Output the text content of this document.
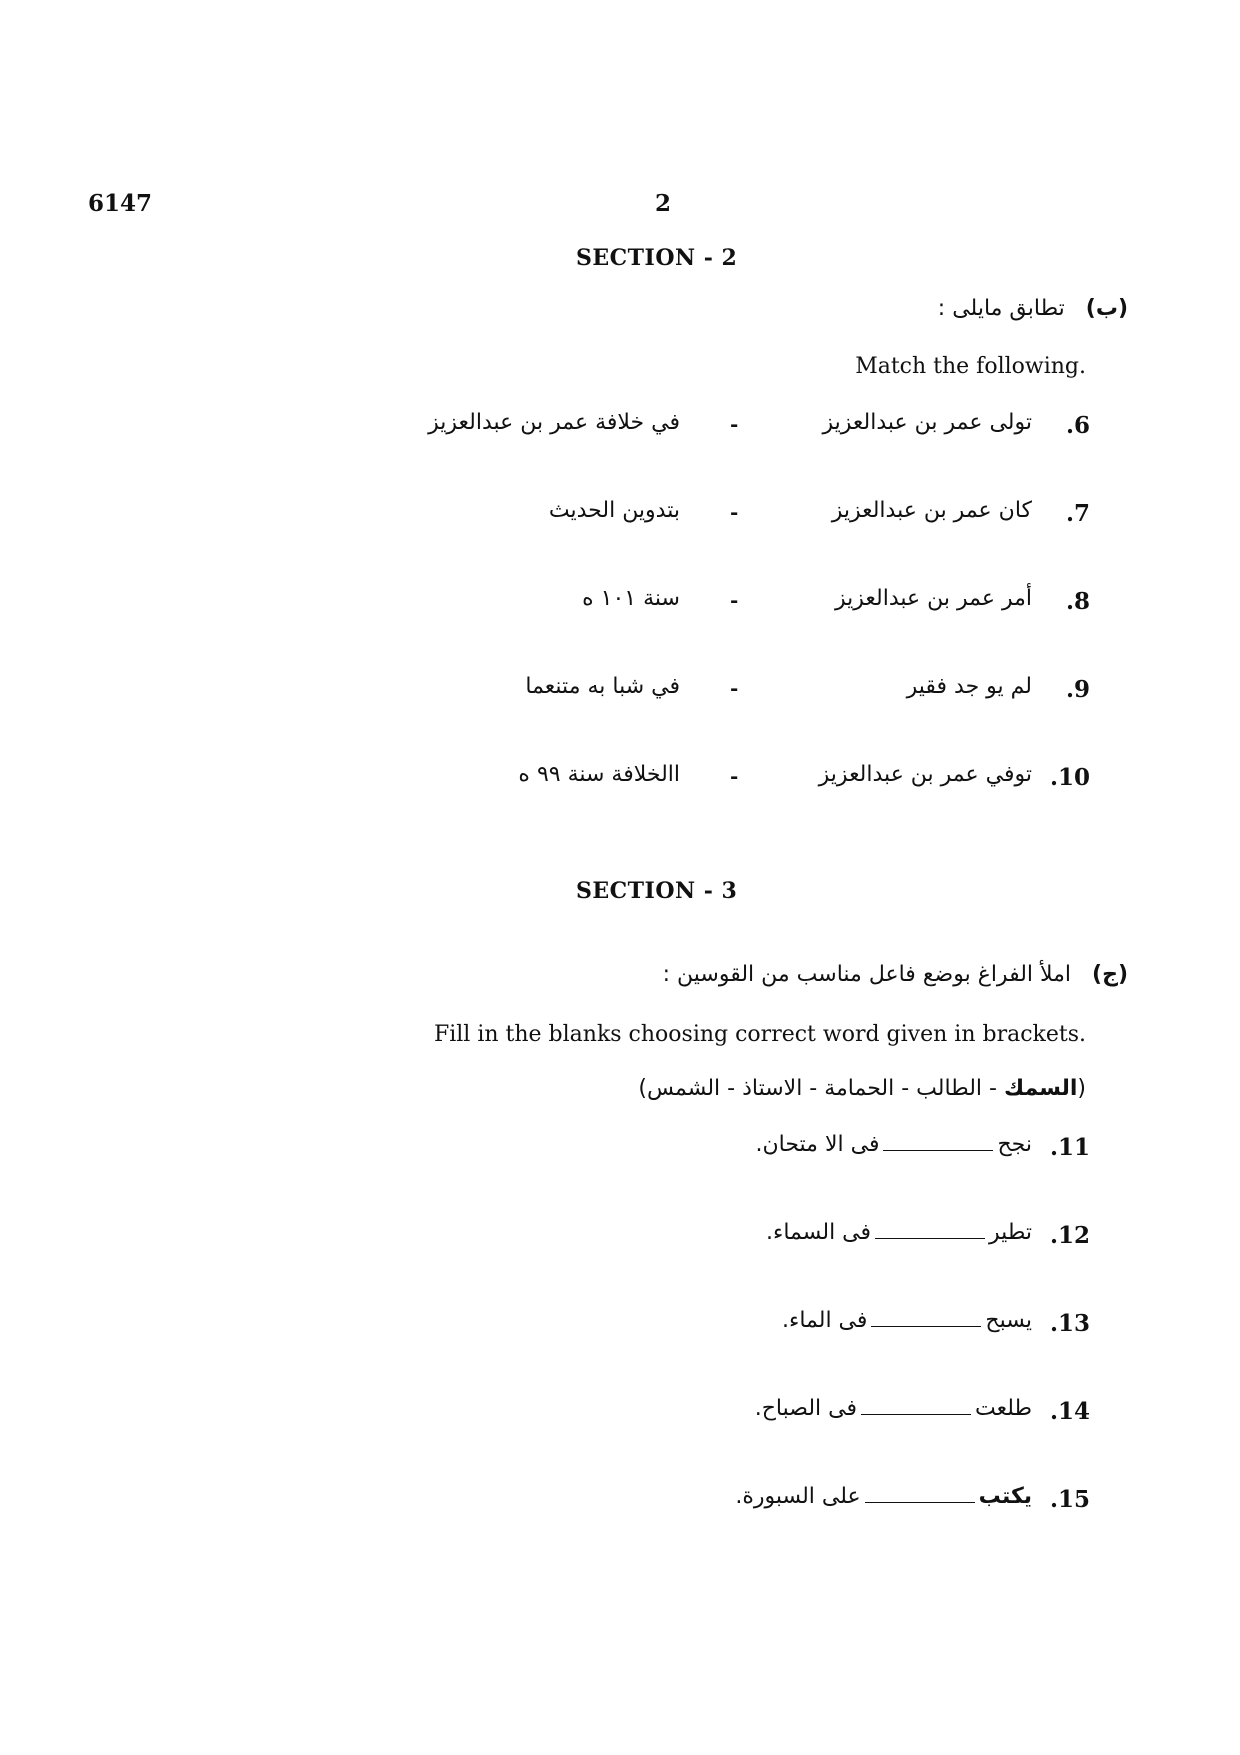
6147	2
SECTION - 2
(ب) تطابق مايلی :
Match the following.
.6
تولی عمر بن عبدالعزیز
-
في خلافة عمر بن عبدالعزيز
.7
کان عمر بن عبدالعزیز
-
بتدوين الحديث
.8
أمر عمر بن عبدالعزیز
-
سنة ١٠١ ه
.9
لم يو جد فقير
-
في شبا به متنعما
.10
توفي عمر بن عبدالعزیز
-
االخلافة سنة ٩٩ ه
SECTION - 3
(ج) املأ الفراغ بوضع فاعل مناسب من القوسين :
Fill in the blanks choosing correct word given in brackets.
(السمك - الطالب - الحمامة - الاستاذ - الشمس)
.11
نجحفی الا متحان.
.12
تطيرفی السماء.
.13
يسبحفی الماء.
.14
طلعتفی الصباح.
.15
يكتبعلى السبورة.
